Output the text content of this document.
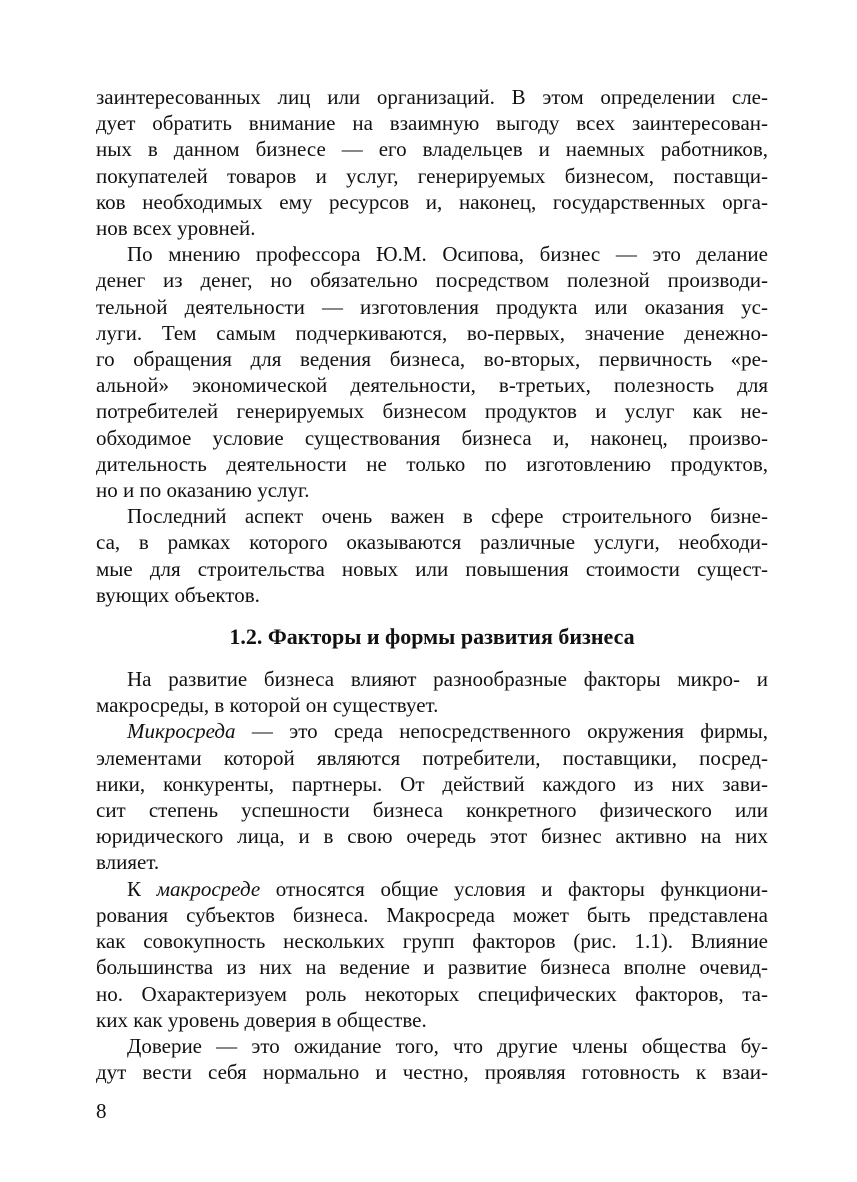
заинтересованных лиц или организаций. В этом определении сле-
дует обратить внимание на взаимную выгоду всех заинтересован-
ных в данном бизнесе — его владельцев и наемных работников,
покупателей товаров и услуг, генерируемых бизнесом, поставщи-
ков необходимых ему ресурсов и, наконец, государственных орга-
нов всех уровней.
По мнению профессора Ю.М. Осипова, бизнес — это делание
денег из денег, но обязательно посредством полезной производи-
тельной деятельности — изготовления продукта или оказания ус-
луги. Тем самым подчеркиваются, во-первых, значение денежно-
го обращения для ведения бизнеса, во-вторых, первичность «ре-
альной» экономической деятельности, в-третьих, полезность для
потребителей генерируемых бизнесом продуктов и услуг как не-
обходимое условие существования бизнеса и, наконец, произво-
дительность деятельности не только по изготовлению продуктов,
но и по оказанию услуг.
Последний аспект очень важен в сфере строительного бизне-
са, в рамках которого оказываются различные услуги, необходи-
мые для строительства новых или повышения стоимости сущест-
вующих объектов.
1.2. Факторы и формы развития бизнеса
На развитие бизнеса влияют разнообразные факторы микро- и
макросреды, в которой он существует.
Микросреда — это среда непосредственного окружения фирмы,
элементами которой являются потребители, поставщики, посред-
ники, конкуренты, партнеры. От действий каждого из них зави-
сит степень успешности бизнеса конкретного физического или
юридического лица, и в свою очередь этот бизнес активно на них
влияет.
К макросреде относятся общие условия и факторы функциони-
рования субъектов бизнеса. Макросреда может быть представлена
как совокупность нескольких групп факторов (рис. 1.1). Влияние
большинства из них на ведение и развитие бизнеса вполне очевид-
но. Охарактеризуем роль некоторых специфических факторов, та-
ких как уровень доверия в обществе.
Доверие — это ожидание того, что другие члены общества бу-
дут вести себя нормально и честно, проявляя готовность к взаи-
8
